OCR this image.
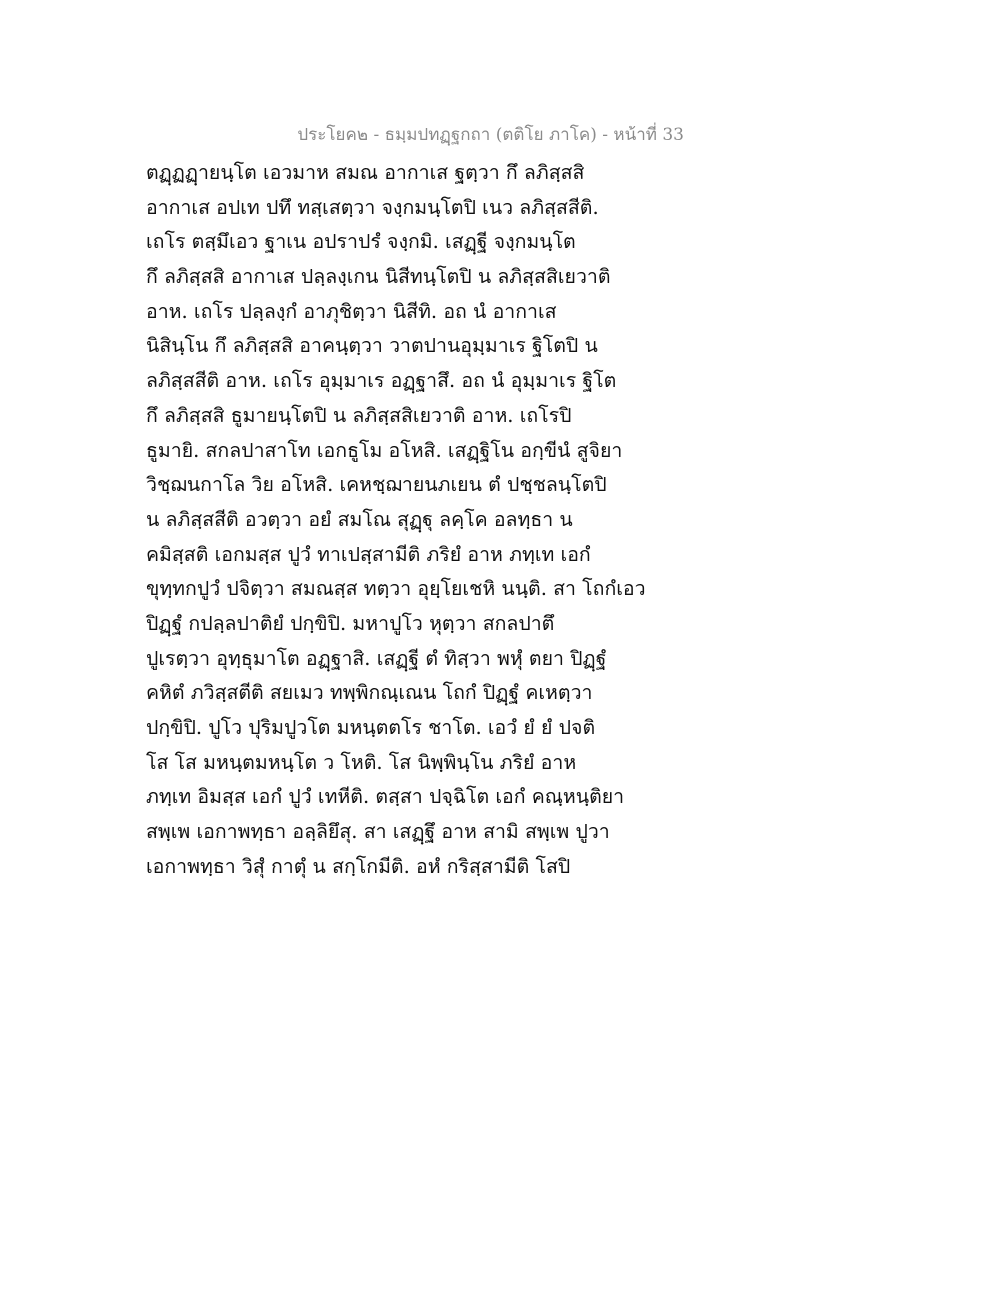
ประโยค๒ - ธมฺมปทฏฺฐกถา (ตติโย ภาโค) - หน้าที่ 33
ตฏฺฏฏฺายนฺโต เอวมาห สมณ อากาเส ฐตฺวา กึ ลภิสฺสสิ
อากาเส อปเท ปทึ ทสฺเสตฺวา จงฺกมนฺโตปิ เนว ลภิสฺสสีติ.
เถโร ตสฺมึเอว ฐาเน อปราปรํ จงฺกมิ. เสฏฺฐี จงฺกมนฺโต
กึ ลภิสฺสสิ อากาเส ปลฺลงฺเกน นิสีทนฺโตปิ น ลภิสฺสสิเยวาติ
อาห. เถโร ปลฺลงฺกํ อาภุชิตฺวา นิสีทิ. อถ นํ อากาเส
นิสินฺโน กึ ลภิสฺสสิ อาคนฺตฺวา วาตปานอุมฺมาเร ฐิโตปิ น
ลภิสฺสสีติ อาห. เถโร อุมฺมาเร อฏฺฐาสึ. อถ นํ อุมฺมาเร ฐิโต
กึ ลภิสฺสสิ ธูมายนฺโตปิ น ลภิสฺสสิเยวาติ อาห. เถโรปิ
ธูมายิ. สกลปาสาโท เอกธูโม อโหสิ. เสฏฺฐิโน อกฺขีนํ สูจิยา
วิชฺฌนกาโล วิย อโหสิ. เคหชฺฌายนภเยน ตํ ปชฺชลนฺโตปิ
น ลภิสฺสสีติ อวตฺวา อยํ สมโณ สุฏฺฐุ ลคฺโค อลทฺธา น
คมิสฺสติ เอกมสฺส ปูวํ ทาเปสฺสามีติ ภริยํ อาห ภทฺเท เอกํ
ขุทฺทกปูวํ ปจิตฺวา สมณสฺส ทตฺวา อุยฺโยเชหิ นนฺติ. สา โถกํเอว
ปิฏฺฐํ กปลฺลปาติยํ ปกฺขิปิ. มหาปูโว หุตฺวา สกลปาตึ
ปูเรตฺวา อุทฺธุมาโต อฏฺฐาสิ. เสฏฺฐี ตํ ทิสฺวา พหุํ ตยา ปิฏฺฐํ
คหิตํ ภวิสฺสตีติ สยเมว ทพฺพิกณฺเณน โถกํ ปิฏฺฐํ คเหตฺวา
ปกฺขิปิ. ปูโว ปุริมปูวโต มหนฺตตโร ชาโต. เอวํ ยํ ยํ ปจติ
โส โส มหนฺตมหนฺโต ว โหติ. โส นิพฺพินฺโน ภริยํ อาห
ภทฺเท อิมสฺส เอกํ ปูวํ เทหีติ. ตสฺสา ปจฺฉิโต เอกํ คณฺหนฺติยา
สพฺเพ เอกาพทฺธา อลฺลิยึสุ. สา เสฏฺฐึ อาห สามิ สพฺเพ ปูวา
เอกาพทฺธา วิสุํ กาตุํ น สกฺโกมีติ. อหํ กริสฺสามีติ โสปิ
